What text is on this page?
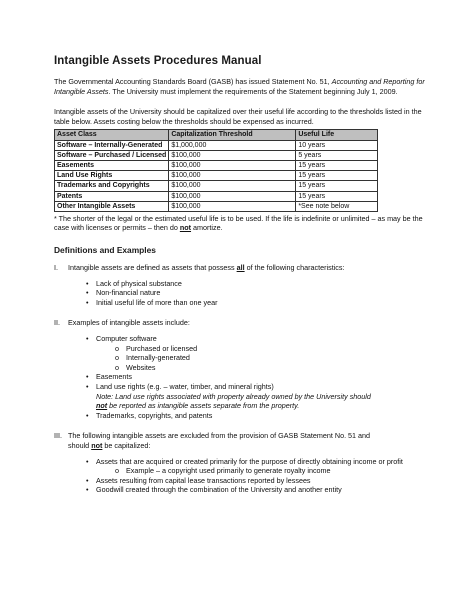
Intangible Assets Procedures Manual

The Governmental Accounting Standards Board (GASB) has issued Statement No. 51, Accounting and Reporting for Intangible Assets. The University must implement the requirements of the Statement beginning July 1, 2009.

Intangible assets of the University should be capitalized over their useful life according to the thresholds listed in the table below. Assets costing below the thresholds should be expensed as incurred.

Asset Class	Capitalization Threshold	Useful Life
Software – Internally-Generated	$1,000,000	10 years
Software – Purchased / Licensed	$100,000	5 years
Easements	$100,000	15 years
Land Use Rights	$100,000	15 years
Trademarks and Copyrights	$100,000	15 years
Patents	$100,000	15 years
Other Intangible Assets	$100,000	*See note below

* The shorter of the legal or the estimated useful life is to be used. If the life is indefinite or unlimited – as may be the case with licenses or permits – then do not amortize.

Definitions and Examples
I. Intangible assets are defined as assets that possess all of the following characteristics:
• Lack of physical substance
• Non-financial nature
• Initial useful life of more than one year
II. Examples of intangible assets include:
• Computer software
o Purchased or licensed
o Internally-generated
o Websites
• Easements
• Land use rights (e.g. – water, timber, and mineral rights)
Note: Land use rights associated with property already owned by the University should
not be reported as intangible assets separate from the property.
• Trademarks, copyrights, and patents
III. The following intangible assets are excluded from the provision of GASB Statement No. 51 and
should not be capitalized:
• Assets that are acquired or created primarily for the purpose of directly obtaining income or profit
o Example – a copyright used primarily to generate royalty income
• Assets resulting from capital lease transactions reported by lessees
• Goodwill created through the combination of the University and another entity
